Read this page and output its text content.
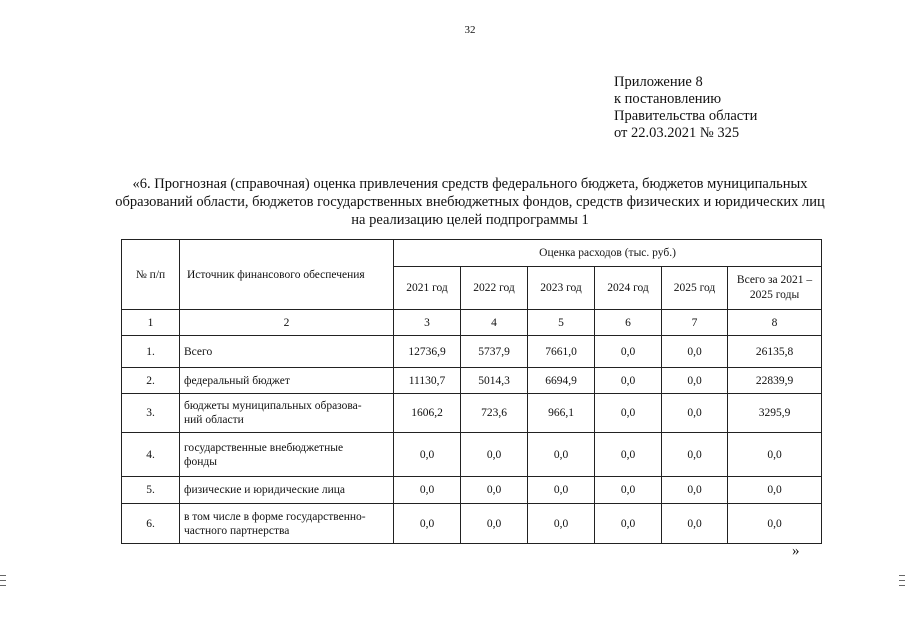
32
Приложение 8
к постановлению
Правительства области
от 22.03.2021 № 325
«6. Прогнозная (справочная) оценка привлечения средств федерального бюджета, бюджетов муниципальных
образований области, бюджетов государственных внебюджетных фондов, средств физических и юридических лиц
на реализацию целей подпрограммы 1
№ п/п	Источник финансового обеспечения	Оценка расходов (тыс. руб.)					
		2021 год	2022 год	2023 год	2024 год	2025 год	Всего за 2021 –
2025 годы
1	2	3	4	5	6	7	8
1.	Всего	12736,9	5737,9	7661,0	0,0	0,0	26135,8
2.	федеральный бюджет	11130,7	5014,3	6694,9	0,0	0,0	22839,9
3.	бюджеты муниципальных образова-
ний области	1606,2	723,6	966,1	0,0	0,0	3295,9
4.	государственные внебюджетные
фонды	0,0	0,0	0,0	0,0	0,0	0,0
5.	физические и юридические лица	0,0	0,0	0,0	0,0	0,0	0,0
6.	в том числе в форме государственно-
частного партнерства	0,0	0,0	0,0	0,0	0,0	0,0
»
